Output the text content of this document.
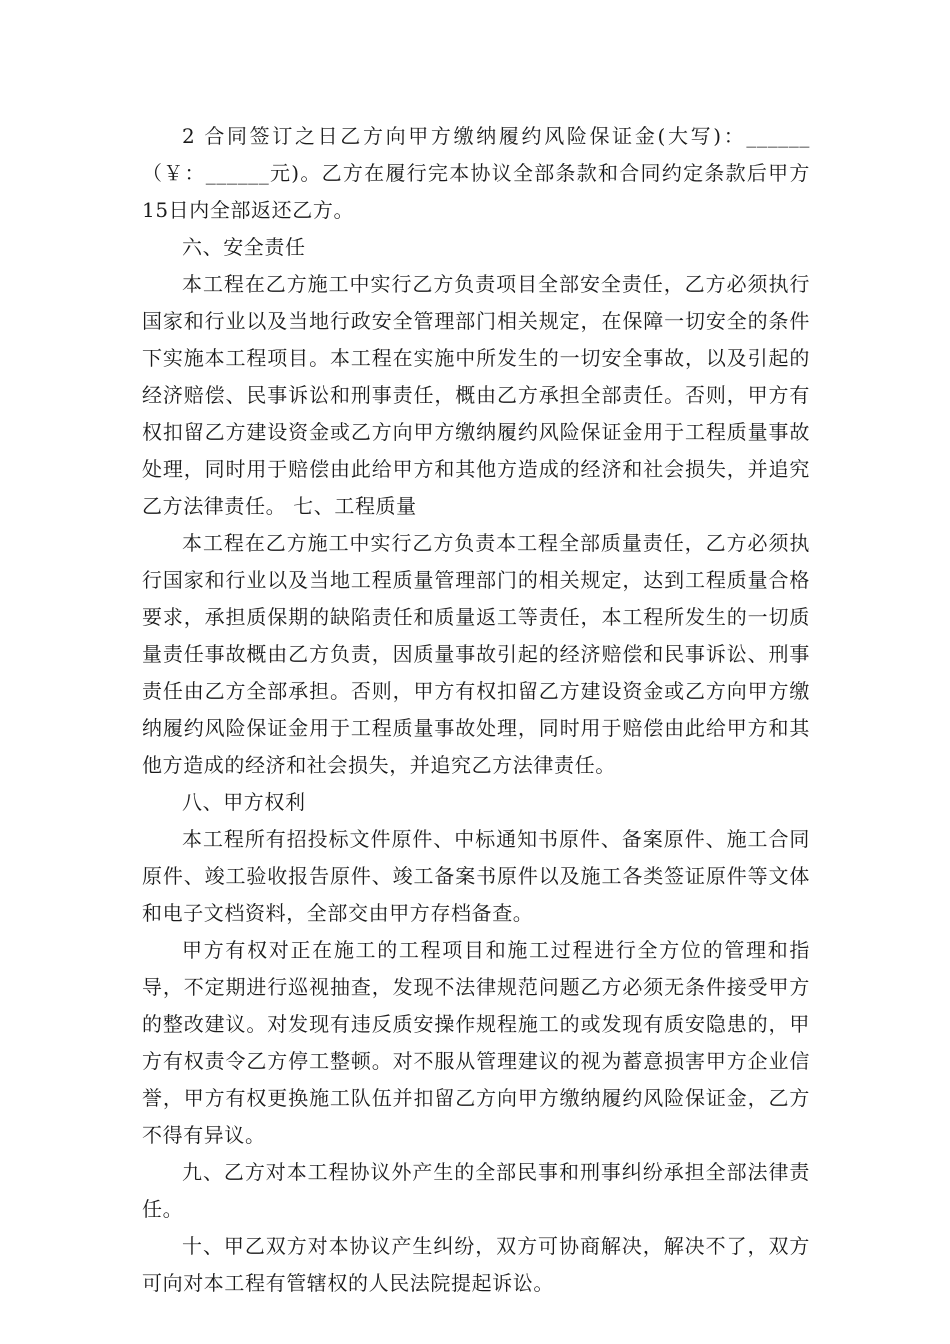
2 合同签订之日乙方向甲方缴纳履约风险保证金(大写)：______（￥：______元)。乙方在履行完本协议全部条款和合同约定条款后甲方15日内全部返还乙方。

六、安全责任

本工程在乙方施工中实行乙方负责项目全部安全责任，乙方必须执行国家和行业以及当地行政安全管理部门相关规定，在保障一切安全的条件下实施本工程项目。本工程在实施中所发生的一切安全事故，以及引起的经济赔偿、民事诉讼和刑事责任，概由乙方承担全部责任。否则，甲方有权扣留乙方建设资金或乙方向甲方缴纳履约风险保证金用于工程质量事故处理，同时用于赔偿由此给甲方和其他方造成的经济和社会损失，并追究乙方法律责任。 七、工程质量

本工程在乙方施工中实行乙方负责本工程全部质量责任，乙方必须执行国家和行业以及当地工程质量管理部门的相关规定，达到工程质量合格要求，承担质保期的缺陷责任和质量返工等责任，本工程所发生的一切质量责任事故概由乙方负责，因质量事故引起的经济赔偿和民事诉讼、刑事责任由乙方全部承担。否则，甲方有权扣留乙方建设资金或乙方向甲方缴纳履约风险保证金用于工程质量事故处理，同时用于赔偿由此给甲方和其他方造成的经济和社会损失，并追究乙方法律责任。

八、甲方权利

本工程所有招投标文件原件、中标通知书原件、备案原件、施工合同原件、竣工验收报告原件、竣工备案书原件以及施工各类签证原件等文体和电子文档资料，全部交由甲方存档备查。

甲方有权对正在施工的工程项目和施工过程进行全方位的管理和指导，不定期进行巡视抽查，发现不法律规范问题乙方必须无条件接受甲方的整改建议。对发现有违反质安操作规程施工的或发现有质安隐患的，甲方有权责令乙方停工整顿。对不服从管理建议的视为蓄意损害甲方企业信誉，甲方有权更换施工队伍并扣留乙方向甲方缴纳履约风险保证金，乙方不得有异议。

九、乙方对本工程协议外产生的全部民事和刑事纠纷承担全部法律责任。

十、甲乙双方对本协议产生纠纷，双方可协商解决，解决不了，双方可向对本工程有管辖权的人民法院提起诉讼。
